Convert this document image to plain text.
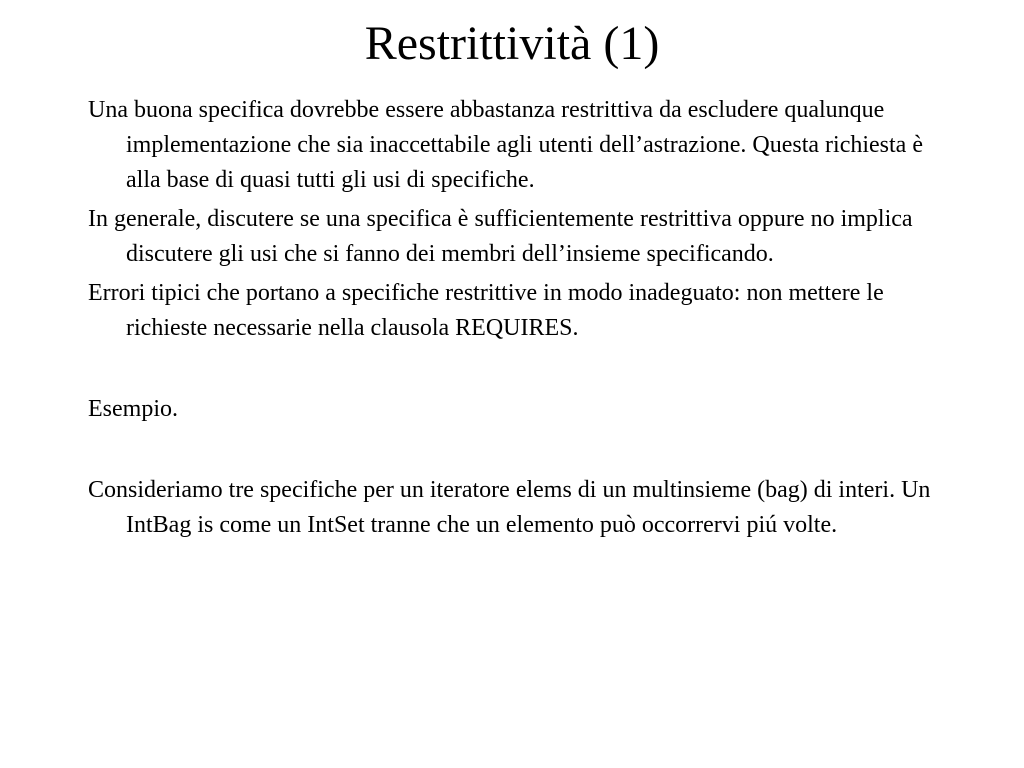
Restrittività (1)

Una buona specifica dovrebbe essere abbastanza restrittiva da escludere qualunque implementazione che sia inaccettabile agli utenti dell’astrazione. Questa richiesta è alla base di quasi tutti gli usi di specifiche.

In generale, discutere se una specifica è sufficientemente restrittiva oppure no implica discutere gli usi che si fanno dei membri dell’insieme specificando.

Errori tipici che portano a specifiche restrittive in modo inadeguato: non mettere le richieste necessarie nella clausola REQUIRES.

Esempio.

Consideriamo tre specifiche per un iteratore elems di un multinsieme (bag) di interi. Un IntBag is come un IntSet tranne che un elemento può occorrervi piú volte.
